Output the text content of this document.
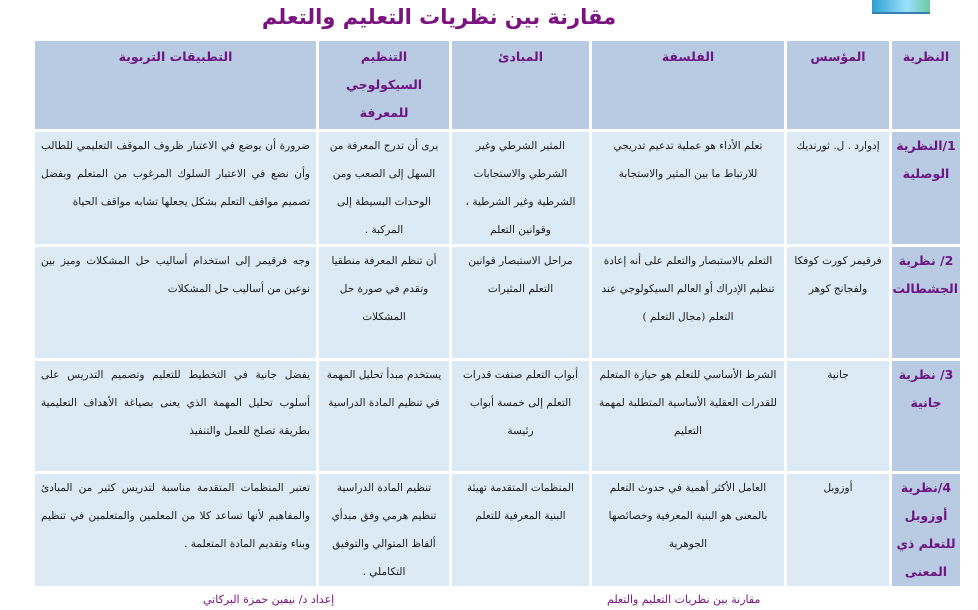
مقارنة بين نظريات التعليم والتعلم
النظرية	المؤسس	الفلسفة	المبادئ	التنظيم السيكولوجي للمعرفة	التطبيقات التربوية
1/النظرية الوصلية	إدوارد . ل. ثورنديك	تعلم الأداء هو عملية تدعيم تدريجي للارتباط ما بين المثير والاستجابة	المثير الشرطي وغير الشرطي والاستجابات الشرطية وغير الشرطية ، وقوانين التعلم	يرى أن تدرج المعرفة من السهل إلى الصعب ومن الوحدات البسيطة إلى المركبة .	ضرورة أن يوضع في الاعتبار ظروف الموقف التعليمي للطالب وأن نضع في الاعتبار السلوك المرغوب من المتعلم وبفضل تصميم مواقف التعلم بشكل يجعلها تشابه مواقف الحياة
2/ نظرية الجشطالت	فرقيمر كورت كوفكا ولفجانج كوهر	التعلم بالاستبصار والتعلم على أنه إعادة تنظيم الإدراك أو العالم السيكولوجي عند التعلم (مجال التعلم )	مراحل الاستبصار قوانين التعلم المثيرات	أن تنظم المعرفة منطقيا وتقدم في صورة حل المشكلات	وجه فرقيمر إلى استخدام أساليب حل المشكلات وميز بين نوعين من أساليب حل المشكلات
3/ نظرية جانية	جانية	الشرط الأساسي للتعلم هو حيازة المتعلم للقدرات العقلية الأساسية المتطلبة لمهمة التعليم	أبواب التعلم صنفت قدرات التعلم إلى خمسة أبواب رئيسة	يستخدم مبدأ تحليل المهمة في تنظيم المادة الدراسية	يفضل جانية في التخطيط للتعليم وتصميم التدريس على أسلوب تحليل المهمة الذي يعنى بصياغة الأهداف التعليمية بطريقة تصلح للعمل والتنفيذ
4/نظرية أوزوبل للتعلم ذي المعنى	أوزوبل	العامل الأكثر أهمية في حدوث التعلم بالمعنى هو البنية المعرفية وخصائصها الجوهرية	المنظمات المتقدمة تهيئة البنية المعرفية للتعلم	تنظيم المادة الدراسية تنظيم هرمي وفق مبدأي ألفاظ المتوالي والتوفيق التكاملي .	تعتبر المنظمات المتقدمة مناسبة لتدريس كثير من المبادئ والمفاهيم لأنها تساعد كلا من المعلمين والمتعلمين في تنظيم وبناء وتقديم المادة المتعلمة .
مقارنة بين نظريات التعليم والتعلم
إعداد د/ نيفين حمزة البركاتي
